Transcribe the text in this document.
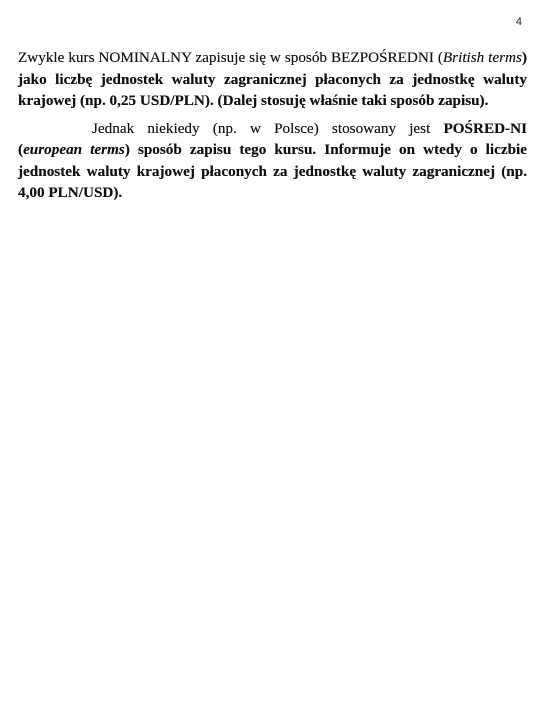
4

Zwykle kurs NOMINALNY zapisuje się w sposób BEZPOŚREDNI (British terms) jako liczbę jednostek waluty zagranicznej płaconych za jednostkę waluty krajowej (np. 0,25 USD/PLN). (Dalej stosuję właśnie taki sposób zapisu).

Jednak niekiedy (np. w Polsce) stosowany jest POŚRED-NI (european terms) sposób zapisu tego kursu. Informuje on wtedy o liczbie jednostek waluty krajowej płaconych za jednostkę waluty zagranicznej (np. 4,00 PLN/USD).
